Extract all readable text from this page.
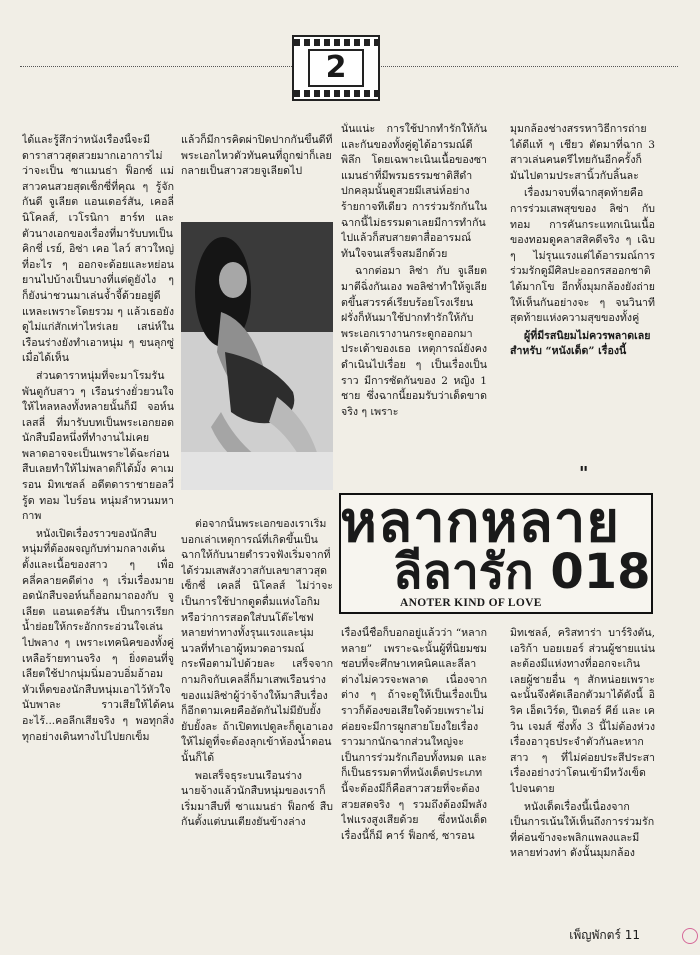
2

ได้และรู้สึกว่าหนังเรื่องนี้จะมีดาราสาวสุดสวยมากเอาการไม่ว่าจะเป็น ซาแมนธ่า ฟ็อกซ์ แม่สาวคนสวยสุดเซ็กซี่ที่คุณ ๆ รู้จักกันดี จูเลียต แอนเดอร์สัน, เคอลี่ นิโคลส์, เวโรนิกา ฮาร์ท และตัวนางเอกของเรื่องที่มารับบทเป็น คิกชี่ เรย์, อิซ่า เคอ ไลว์ สาวใหญ่ที่อะไร ๆ ออกจะด้อยและหย่อนยานไปบ้างเป็นบางที่แต่ดูยังไง ๆ ก็ยังน่าชวนมาเล่นจ้ำจี้ด้วยอยู่ดีแหละเพราะโดยรวม ๆ แล้วเธอยังดูไม่แก่สักเท่าไหร่เลย เสน่ห์ในเรือนร่างยังทำเอาหนุ่ม ๆ ขนลุกซู่เมื่อได้เห็น

ส่วนดาราหนุ่มที่จะมาโรมรันพันตูกับสาว ๆ เรือนร่างยั่วยวนใจให้ไหลหลงทั้งหลายนั้นก็มี จอห์น เลสลี่ ที่มารับบทเป็นพระเอกยอดนักสืบมือหนึ่งที่ทำงานไม่เคยพลาดอาจจะเป็นเพราะได้ฉะก่อนสืบเลยทำให้ไม่พลาดก็ได้มั้ง คาเมรอน มิทเชลล์ อดีตดาราชายอลวี่รู้ด ทอม ไบร์อน หนุ่มลำหวนมหากาพ

หนังเปิดเรื่องราวของนักสืบหนุ่มที่ต้องผจญกับท่ามกลางเต้นตั้งและเนื้อของสาว ๆ เพื่อคลี่คลายคดีต่าง ๆ เริ่มเรื่องมายอดนักสืบจอห์นก็ออกมาถองกับ จูเลียต แอนเดอร์สัน เป็นการเรียกน้ำย่อยให้กระอักกระอ่วนใจเล่นไปพลาง ๆ เพราะเทคนิคของทั้งคู่เหลือร้ายทานจริง ๆ ยิ่งตอนที่จูเลียตใช้ปากนุ่มนิ่มอวบอิ่มอ้าอมหัวเห็ดของนักสืบหนุ่มเอาไว้หัวใจนับพาละ ราวเสียให้ได้คนอะไร้...คอลีกเสียจริง ๆ พอทุกสิ่งทุกอย่างเดินทางไปไปยกเข็ม

แล้วก็มีการคิดผ่าปิดปากกันขึ้นดีที่พระเอกไหวตัวทันคนที่ถูกฆ่าก็เลยกลายเป็นสาวสวยจูเลียดไป

ต่อจากนั้นพระเอกของเราเริ่มบอกเล่าเหตุการณ์ที่เกิดขึ้นเป็นฉากให้กับนายตำรวจฟังเริ่มจากที่ได้ร่วมเสพสังวาสกับเลขาสาวสุดเซ็กซี่ เคลลี่ นิโคลส์ ไม่ว่าจะเป็นการใช้ปากดูดดื่มแห่งโอกิม หรือว่าการสอดใส่บนโต๊ะไซฟหลายท่าทางทั้งรุนแรงและนุ่มนวลที่ทำเอาผู้หมวดอารมณ์กระพือตามไปด้วยละ เสร็จจากกามกิจกับเคลลี่ก็มาเสพเรือนร่างของแม่ลิซ่าผู้ว่าจ้างให้มาสืบเรื่องก็อีกตามเคยคืออัดกันไม่มียับยั้งยับยั้งละ ถ้าเปิดทเปดูละก็ดูเอาเองให้ไม่ดูที่จะต้องลุกเข้าห้องน้ำตอนนั้นก็ได้

พอเสร็จธุระบนเรือนร่างนายจ้างแล้วนักสืบหนุ่มของเราก็เริ่มมาสืบที่ ซาแมนธ่า ฟ็อกซ์ สืบกันตั้งแต่บนเตียงยันข้างล่าง

นั่นแน่ะ การใช้ปากทำรักให้กันและกันของทั้งคู่ดูได้อารมณ์ดีพิลึก โดยเฉพาะเนินเนื้อของซาแมนธ่าที่มีพรมธรรมชาติสีดำปกคลุมนั้นดูสวยมีเสน่ห์อย่างร้ายกาจทีเดียว การร่วมรักกันในฉากนี้ไม่ธรรมดาเลยมีการทำกันไปแล้วก็สบสายตาสื่ออารมณ์ทันใจจนเสร็จสมอีกด้วย

ฉากต่อมา ลิซ่า กับ จูเลียต มาตีฉิ่งกันเอง พอลิซ่าทำให้จูเลียตขึ้นสวรรค์เรียบร้อยโรงเรียนฝรั่งก็หันมาใช้ปากทำรักให้กับพระเอกเรางานกระดูกออกมาประเด้าของเธอ เหตุการณ์ยังคงดำเนินไปเรื่อย ๆ เป็นเรื่องเป็นราว มีการซัดกันของ 2 หญิง 1 ชาย ซึ่งฉากนี้ยอมรับว่าเด็ดขาดจริง ๆ เพราะ

มุมกล้องช่างสรรหาวิธีการถ่ายได้ดีแท้ ๆ เชียว ตัดมาที่ฉาก 3 สาวเล่นคนตรีไทยกันอีกครั้งก็มันไปตามประสานิ้วกับลิ้นละ

เรื่องมาจบที่ฉากสุดท้ายคือการร่วมเสพสุขของ ลิซ่า กับ ทอม การคันกระแทกเนินเนื้อของทอมดูคลาสสิคดีจริง ๆ เฉิบ ๆ ไม่รุนแรงแต่ได้อารมณ์การร่วมรักดูมีศิลปะออกรสออกชาติได้มากโข อีกทั้งมุมกล้องยังถ่ายให้เห็นกันอย่างจะ ๆ จนวินาทีสุดท้ายแห่งความสุขของทั้งคู่

ผู้ที่มีรสนิยมไม่ควรพลาดเลยสำหรับ “หนังเด็ด” เรื่องนี้

"
หลากหลาย
ลีลารัก 018
ANOTER KIND OF LOVE

เรื่องนี้ชื่อก็บอกอยู่แล้วว่า “หลากหลาย” เพราะฉะนั้นผู้ที่นิยมชมชอบที่จะศึกษาเทคนิคและลีลาต่างไม่ควรจะพลาด เนื่องจากต่าง ๆ ถ้าจะดูให้เป็นเรื่องเป็นราวก็ต้องขอเสียใจด้วยเพราะไม่ค่อยจะมีการผูกสายโยงใยเรื่องราวมากนักฉากส่วนใหญ่จะเป็นการร่วมรักเกือบทั้งหมด และก็เป็นธรรมดาที่หนังเด็ดประเภทนี้จะต้องมีก็คือสาวสวยที่จะต้องสวยสดจริง ๆ รวมถึงต้องมีพลังไฟแรงสูงเสียด้วย ซึ่งหนังเด็ดเรื่องนี้ก็มี คาร์ ฟ็อกซ์, ซารอน

มิทเชลล์, คริสทาร่า บาร์ริงตัน, เอริก้า บอยเยอร์ ส่วนผู้ชายแน่นละต้องมีแห่งทางที่ออกจะเกินเลยผู้ชายอื่น ๆ สักหน่อยเพราะฉะนั้นจึงคัดเลือกตัวมาได้ดังนี้ อิริค เอ็ดเวิร์ด, ปีเตอร์ คีย์ และ เควิน เจมส์ ซึ่งทั้ง 3 นี้ไม่ต้องห่วงเรื่องอาวุธประจำตัวกันละหากสาว ๆ ที่ไม่ค่อยประสีประสาเรื่องอย่างว่าโดนเข้ามีหวังเข็ดไปจนตาย

หนังเด็ดเรื่องนี้เนื่องจากเป็นการเน้นให้เห็นถึงการร่วมรักที่ค่อนข้างจะพลิกแพลงและมีหลายท่วงท่า ดังนั้นมุมกล้อง

เพ็ญพักตร์ 11
